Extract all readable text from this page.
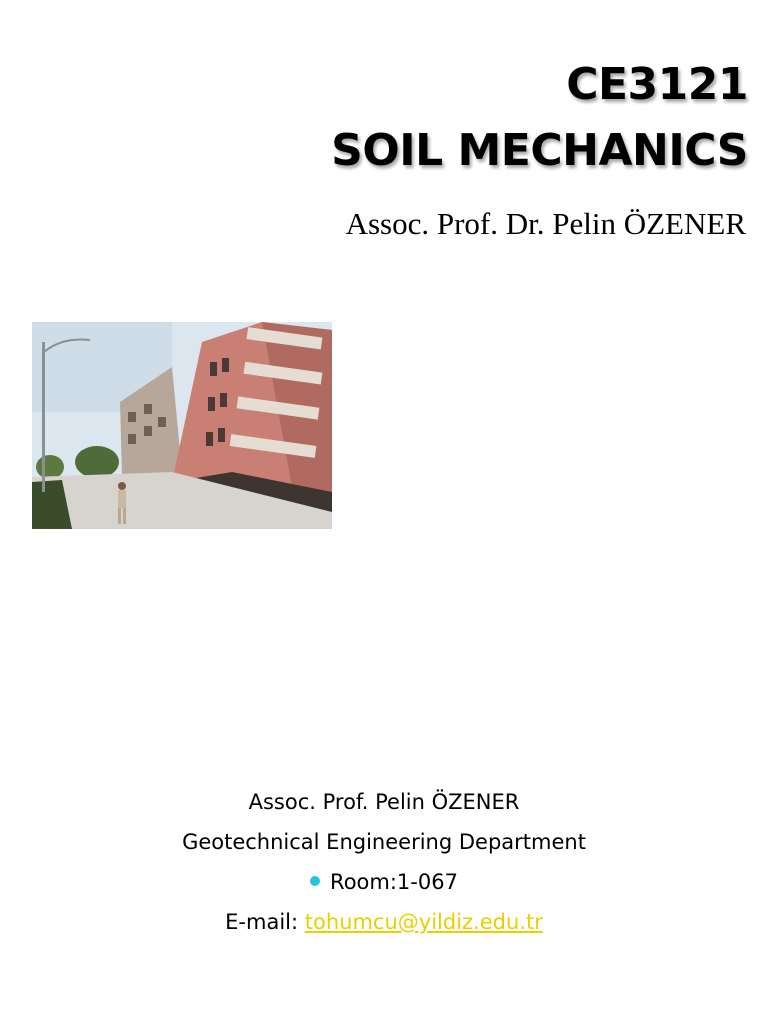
CE3121
SOIL MECHANICS
Assoc. Prof. Dr. Pelin ÖZENER
Assoc. Prof. Pelin ÖZENER
Geotechnical Engineering Department
Room:1-067
E-mail: tohumcu@yildiz.edu.tr
